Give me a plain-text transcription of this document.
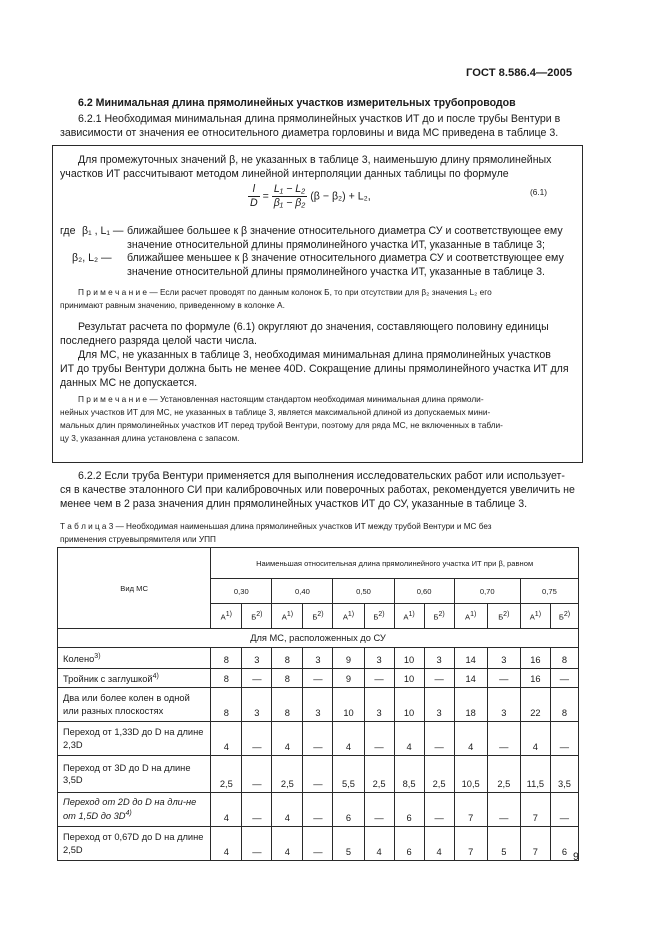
ГОСТ 8.586.4—2005
6.2 Минимальная длина прямолинейных участков измерительных трубопроводов
6.2.1 Необходимая минимальная длина прямолинейных участков ИТ до и после трубы Вентури в
зависимости от значения ее относительного диаметра горловины и вида МС приведена в таблице 3.
Для промежуточных значений β, не указанных в таблице 3, наименьшую длину прямолинейных
участков ИТ рассчитывают методом линейной интерполяции данных таблицы по формуле
$\frac{l}{D} = \frac{\text{L₁ − L₂}}{\text{β₁ − β₂}} (\beta - \beta_2) + L_2$,	(6.1)
где β₁ , L₁ — ближайшее большее к β значение относительного диаметра СУ и соответствующее ему
значение относительной длины прямолинейного участка ИТ, указанные в таблице 3;
β₂, L₂ — ближайшее меньшее к β значение относительного диаметра СУ и соответствующее ему
значение относительной длины прямолинейного участка ИТ, указанные в таблице 3.
П р и м е ч а н и е — Если расчет проводят по данным колонок Б, то при отсутствии для β₂ значения L₂ его
принимают равным значению, приведенному в колонке А.
Результат расчета по формуле (6.1) округляют до значения, составляющего половину единицы
последнего разряда целой части числа.
Для МС, не указанных в таблице 3, необходимая минимальная длина прямолинейных участков
ИТ до трубы Вентури должна быть не менее 40D. Сокращение длины прямолинейного участка ИТ для
данных МС не допускается.
П р и м е ч а н и е — Установленная настоящим стандартом необходимая минимальная длина прямоли-
нейных участков ИТ для МС, не указанных в таблице 3, является максимальной длиной из допускаемых мини-
мальных длин прямолинейных участков ИТ перед трубой Вентури, поэтому для ряда МС, не включенных в табли-
цу 3, указанная длина установлена с запасом.
6.2.2 Если труба Вентури применяется для выполнения исследовательских работ или использует-
ся в качестве эталонного СИ при калибровочных или поверочных работах, рекомендуется увеличить не
менее чем в 2 раза значения длин прямолинейных участков ИТ до СУ, указанные в таблице 3.
Т а б л и ц а 3 — Необходимая наименьшая длина прямолинейных участков ИТ между трубой Вентури и МС без
применения струевыпрямителя или УПП
Вид МС	Наименьшая относительная длина прямолинейного участка ИТ при β, равном											
	0,30		0,40		0,50		0,60		0,70		0,75	
	$А^{1)}$	$Б^{2)}$	$А^{1)}$	$Б^{2)}$	$А^{1)}$	$Б^{2)}$	$А^{1)}$	$Б^{2)}$	$А^{1)}$	$Б^{2)}$	$А^{1)}$	$Б^{2)}$
Для МС, расположенных до СУ												
Колено$^{3)}$	8	3	8	3	9	3	10	3	14	3	16	8
Тройник с заглушкой$^{4)}$	8	—	8	—	9	—	10	—	14	—	16	—
Два или более колен в одной или разных плоскостях	8	3	8	3	10	3	10	3	18	3	22	8
Переход от 1,33D до D на длине 2,3D	4	—	4	—	4	—	4	—	4	—	4	—
Переход от 3D до D на длине 3,5D	2,5	—	2,5	—	5,5	2,5	8,5	2,5	10,5	2,5	11,5	3,5
Переход от 2D до D на дли-не от 1,5D до $3D^{4)}$	4	—	4	—	6	—	6	—	7	—	7	—
Переход от 0,67D до D на длине 2,5D	4	—	4	—	5	4	6	4	7	5	7	6 9
